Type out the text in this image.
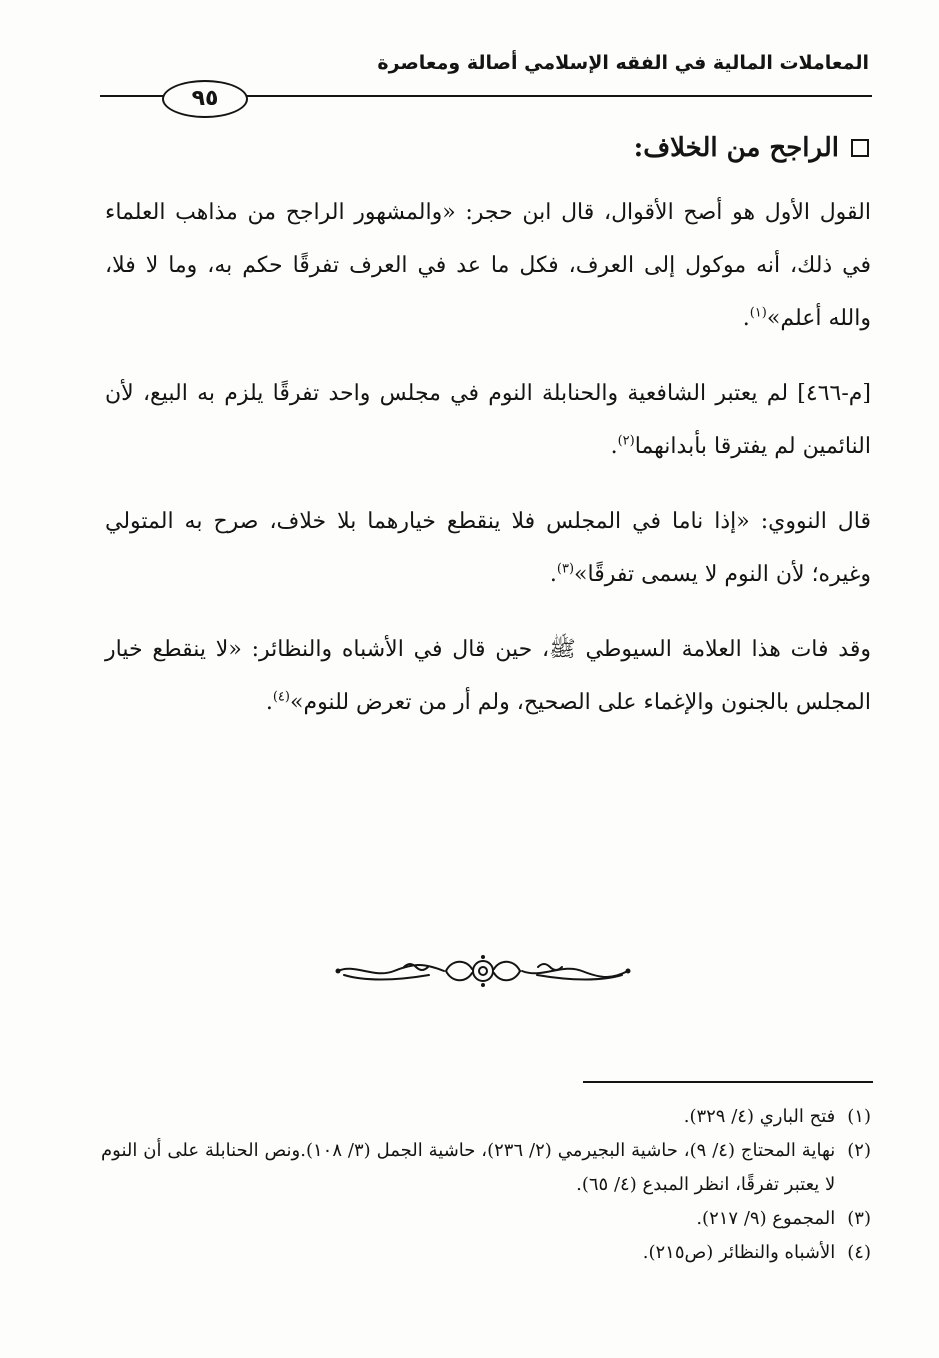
المعاملات المالية في الفقه الإسلامي أصالة ومعاصرة
٩٥
الراجح من الخلاف:

القول الأول هو أصح الأقوال، قال ابن حجر: «والمشهور الراجح من مذاهب العلماء في ذلك، أنه موكول إلى العرف، فكل ما عد في العرف تفرقًا حكم به، وما لا فلا، والله أعلم»$^{(١)}$.

[م-٤٦٦] لم يعتبر الشافعية والحنابلة النوم في مجلس واحد تفرقًا يلزم به البيع، لأن النائمين لم يفترقا بأبدانهما$^{(٢)}$.

قال النووي: «إذا ناما في المجلس فلا ينقطع خيارهما بلا خلاف، صرح به المتولي وغيره؛ لأن النوم لا يسمى تفرقًا»$^{(٣)}$.

وقد فات هذا العلامة السيوطي ﷺ، حين قال في الأشباه والنظائر: «لا ينقطع خيار المجلس بالجنون والإغماء على الصحيح، ولم أر من تعرض للنوم»$^{(٤)}$.

(١)
فتح الباري (٤/ ٣٢٩).
(٢)
نهاية المحتاج (٤/ ٩)، حاشية البجيرمي (٢/ ٢٣٦)، حاشية الجمل (٣/ ١٠٨).ونص الحنابلة على أن النوم لا يعتبر تفرقًا، انظر المبدع (٤/ ٦٥).
(٣)
المجموع (٩/ ٢١٧).
(٤)
الأشباه والنظائر (ص٢١٥).
